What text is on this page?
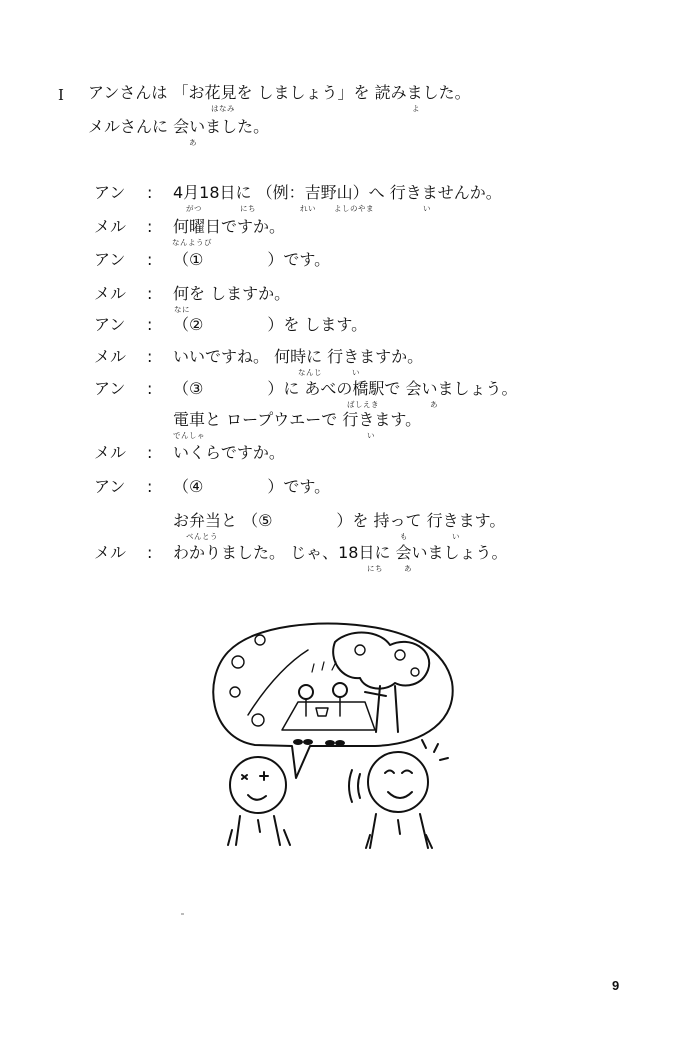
I アンさんは 「お花見を しましょう」を 読みました。
はなみ	よ
メルさんに 会いました。
あ
アン : 4月18日に （例：吉野山）へ 行きませんか。
がつ	にち	れい よしのやま	い
メル : 何曜日ですか。
なんようび
アン : （①　　　　）です。
メル : 何を しますか。
なに
アン : （②　　　　）を します。
メル : いいですね。 何時に 行きますか。
なんじ	い
アン : （③　　　　）に あべの橋駅で 会いましょう。
ばしえき	あ
電車と ロープウエーで 行きます。
でんしゃ	い
メル : いくらですか。
アン : （④　　　　）です。
お弁当と （⑤　　　　）を 持って 行きます。
べんとう	も	い
メル : わかりました。 じゃ、18日に 会いましょう。
にち	あ
9
